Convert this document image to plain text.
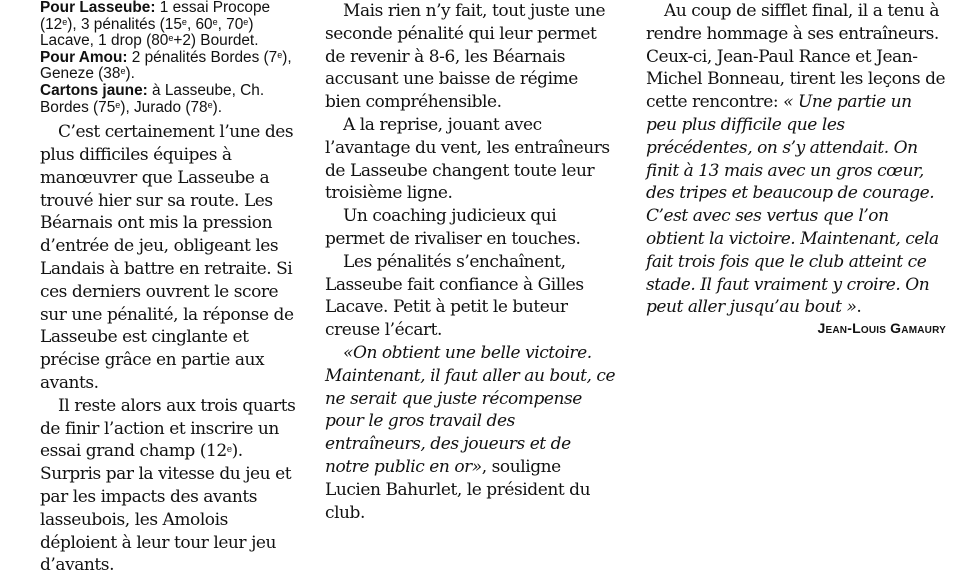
Pour Lasseube: 1 essai Procope (12e), 3 pénalités (15e, 60e, 70e) Lacave, 1 drop $(80^e+2)$ Bourdet.

Pour Amou: 2 pénalités Bordes (7e), Geneze (38e).

Cartons jaune: à Lasseube, Ch. Bordes (75e), Jurado (78e).

C’est certainement l’une des plus difficiles équipes à manœuvrer que Lasseube a trouvé hier sur sa route. Les Béarnais ont mis la pression d’entrée de jeu, obligeant les Landais à battre en retraite. Si ces derniers ouvrent le score sur une pénalité, la réponse de Lasseube est cinglante et précise grâce en partie aux avants.

Il reste alors aux trois quarts de finir l’action et inscrire un essai grand champ (12e). Surpris par la vitesse du jeu et par les impacts des avants lasseubois, les Amolois déploient à leur tour leur jeu d’avants.

Mais rien n’y fait, tout juste une seconde pénalité qui leur permet de revenir à 8-6, les Béarnais accusant une baisse de régime bien compréhensible.

A la reprise, jouant avec l’avantage du vent, les entraîneurs de Lasseube changent toute leur troisième ligne.

Un coaching judicieux qui permet de rivaliser en touches.

Les pénalités s’enchaînent, Lasseube fait confiance à Gilles Lacave. Petit à petit le buteur creuse l’écart.

«On obtient une belle victoire. Maintenant, il faut aller au bout, ce ne serait que juste récompense pour le gros travail des entraîneurs, des joueurs et de notre public en or», souligne Lucien Bahurlet, le président du club.

Au coup de sifflet final, il a tenu à rendre hommage à ses entraîneurs. Ceux-ci, Jean-Paul Rance et Jean-Michel Bonneau, tirent les leçons de cette rencontre: « Une partie un peu plus difficile que les précédentes, on s’y attendait. On finit à 13 mais avec un gros cœur, des tripes et beaucoup de courage. C’est avec ses vertus que l’on obtient la victoire. Maintenant, cela fait trois fois que le club atteint ce stade. Il faut vraiment y croire. On peut aller jusqu’au bout ».

Jean-Louis Gamaury
